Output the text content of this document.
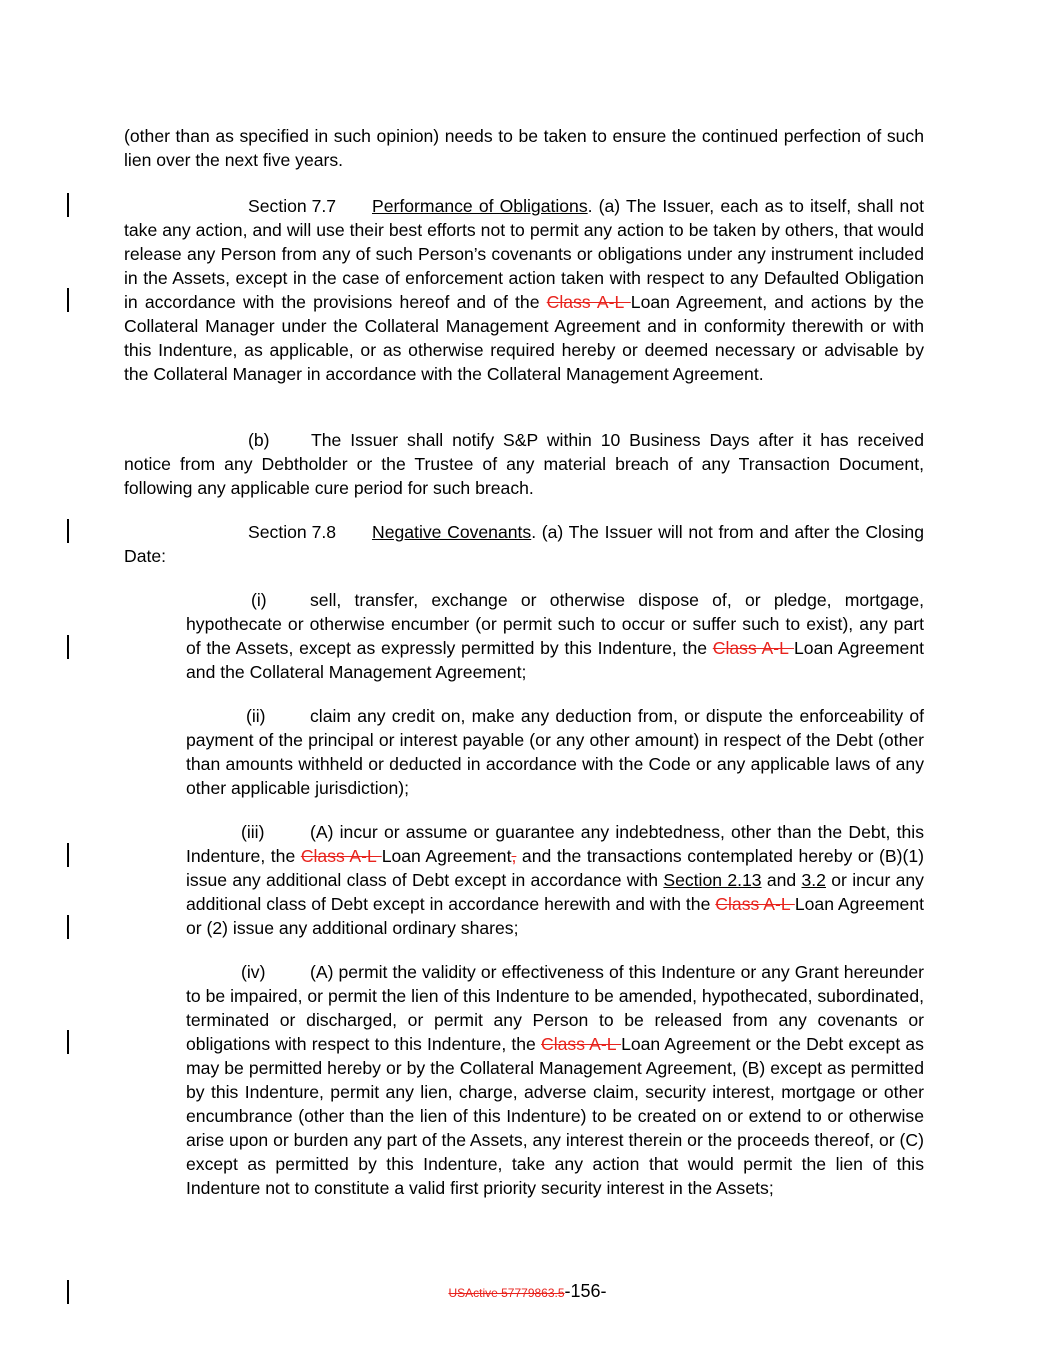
(other than as specified in such opinion) needs to be taken to ensure the continued perfection of such lien over the next five years.

Section 7.7 Performance of Obligations. (a) The Issuer, each as to itself, shall not take any action, and will use their best efforts not to permit any action to be taken by others, that would release any Person from any of such Person’s covenants or obligations under any instrument included in the Assets, except in the case of enforcement action taken with respect to any Defaulted Obligation in accordance with the provisions hereof and of the Class A-L Loan Agreement, and actions by the Collateral Manager under the Collateral Management Agreement and in conformity therewith or with this Indenture, as applicable, or as otherwise required hereby or deemed necessary or advisable by the Collateral Manager in accordance with the Collateral Management Agreement.

(b) The Issuer shall notify S&P within 10 Business Days after it has received notice from any Debtholder or the Trustee of any material breach of any Transaction Document, following any applicable cure period for such breach.

Section 7.8 Negative Covenants. (a) The Issuer will not from and after the Closing Date:

(i) sell, transfer, exchange or otherwise dispose of, or pledge, mortgage, hypothecate or otherwise encumber (or permit such to occur or suffer such to exist), any part of the Assets, except as expressly permitted by this Indenture, the Class A-L Loan Agreement and the Collateral Management Agreement;

(ii)	claim any credit on, make any deduction from, or dispute the enforceability of payment of the principal or interest payable (or any other amount) in respect of the Debt (other than amounts withheld or deducted in accordance with the Code or any applicable laws of any other applicable jurisdiction);

(iii)	(A) incur or assume or guarantee any indebtedness, other than the Debt, this Indenture, the Class A-L Loan Agreement, and the transactions contemplated hereby or (B)(1) issue any additional class of Debt except in accordance with Section 2.13 and 3.2 or incur any additional class of Debt except in accordance herewith and with the Class A-L Loan Agreement or (2) issue any additional ordinary shares;

(iv)	(A) permit the validity or effectiveness of this Indenture or any Grant hereunder to be impaired, or permit the lien of this Indenture to be amended, hypothecated, subordinated, terminated or discharged, or permit any Person to be released from any covenants or obligations with respect to this Indenture, the Class A-L Loan Agreement or the Debt except as may be permitted hereby or by the Collateral Management Agreement, (B) except as permitted by this Indenture, permit any lien, charge, adverse claim, security interest, mortgage or other encumbrance (other than the lien of this Indenture) to be created on or extend to or otherwise arise upon or burden any part of the Assets, any interest therein or the proceeds thereof, or (C) except as permitted by this Indenture, take any action that would permit the lien of this Indenture not to constitute a valid first priority security interest in the Assets;

USActive 57779863.5-156-
